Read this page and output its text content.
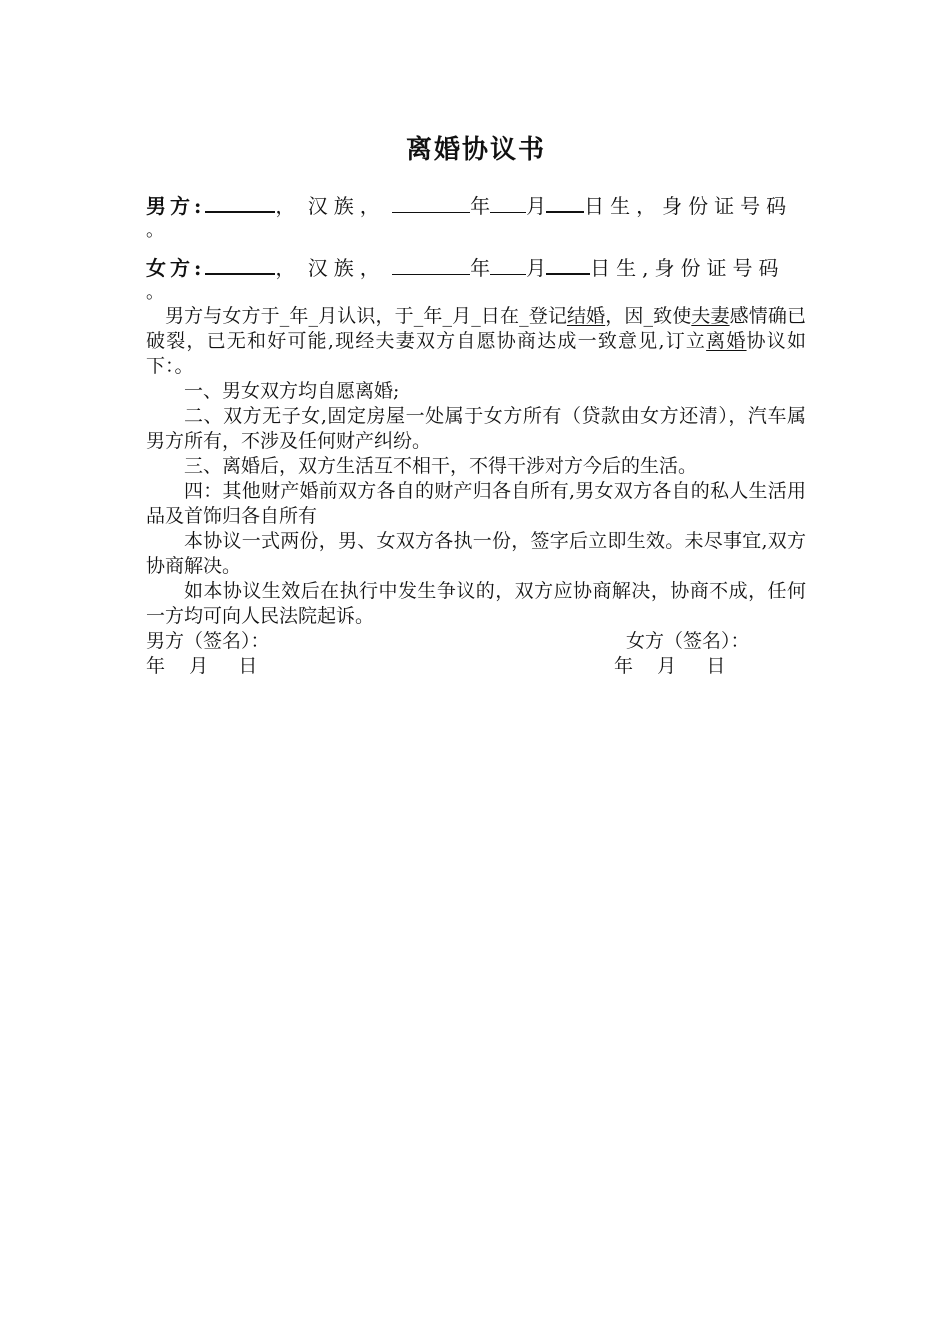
离婚协议书

男方:	， 汉族，	年 月 日生，身份证号码

。

女方:	， 汉族，	年 月 日生,身份证号码

。

男方与女方于_年_月认识，于_年_月_日在_登记结婚，因_致使夫妻感情确已破裂，已无和好可能,现经夫妻双方自愿协商达成一致意见,订立离婚协议如下：。

一、男女双方均自愿离婚;

二、双方无子女,固定房屋一处属于女方所有（贷款由女方还清），汽车属男方所有，不涉及任何财产纠纷。

三、离婚后，双方生活互不相干，不得干涉对方今后的生活。

四：其他财产婚前双方各自的财产归各自所有,男女双方各自的私人生活用品及首饰归各自所有

本协议一式两份，男、女双方各执一份，签字后立即生效。未尽事宜,双方协商解决。

如本协议生效后在执行中发生争议的，双方应协商解决，协商不成，任何一方均可向人民法院起诉。

男方（签名）：	女方（签名）：
年    月     日	年    月     日
